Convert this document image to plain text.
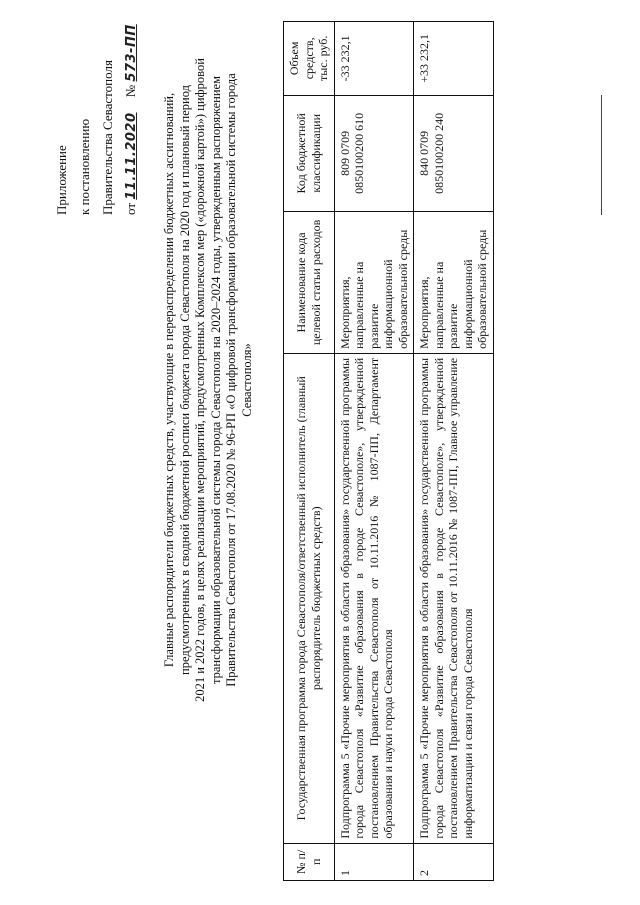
Приложение к постановлению Правительства Севастополя от 11.11.2020 № 573-ПП

Главные распорядители бюджетных средств, участвующие в перераспределении бюджетных ассигнований, предусмотренных в сводной бюджетной росписи бюджета города Севастополя на 2020 год и плановый период 2021 и 2022 годов, в целях реализации мероприятий, предусмотренных Комплексом мер («дорожной картой») цифровой трансформации образовательной системы города Севастополя на 2020–2024 годы, утвержденным распоряжением Правительства Севастополя от 17.08.2020 № 96-РП «О цифровой трансформации образовательной системы города Севастополя»

№ п/п	Государственная программа города Севастополя/ответственный исполнитель (главный распорядитель бюджетных средств)	Наименование кода целевой статьи расходов	Код бюджетной классификации	Объем средств, тыс. руб.
1	Подпрограмма 5 «Прочие мероприятия в области образования» государственной программы города Севастополя «Развитие образования в городе Севастополе», утвержденной постановлением Правительства Севастополя от 10.11.2016 № 1087-ПП, Департамент образования и науки города Севастополя	Мероприятия, направленные на развитие информационной образовательной среды	809 0709 0850100200 610	-33 232,1
2	Подпрограмма 5 «Прочие мероприятия в области образования» государственной программы города Севастополя «Развитие образования в городе Севастополе», утвержденной постановлением Правительства Севастополя от 10.11.2016 № 1087-ПП, Главное управление информатизации и связи города Севастополя	Мероприятия, направленные на развитие информационной образовательной среды	840 0709 0850100200 240	+33 232,1
